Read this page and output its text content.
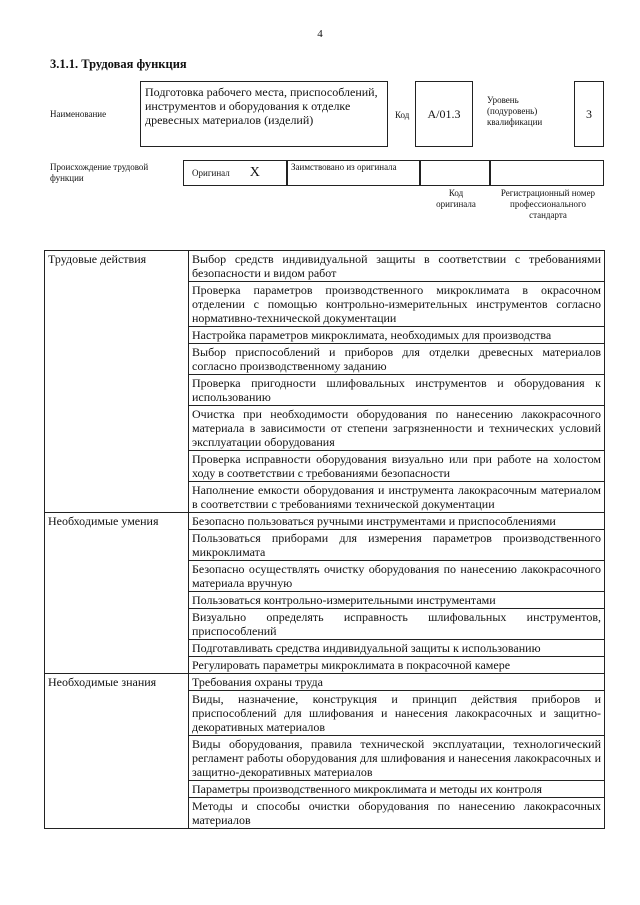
4
3.1.1. Трудовая функция
Наименование
Подготовка рабочего места, приспособлений, инструментов и оборудования к отделке древесных материалов (изделий)	Код А/01.3
Уровень (подуровень) квалификации
3
Происхождение трудовой функции
Оригинал X	Заимствовано из оригинала
Код оригинала
Регистрационный номер профессионального стандарта
Трудовые действия	Выбор средств индивидуальной защиты в соответствии с требованиями безопасности и видом работ
	Проверка параметров производственного микроклимата в окрасочном отделении с помощью контрольно-измерительных инструментов согласно нормативно-технической документации
	Настройка параметров микроклимата, необходимых для производства
	Выбор приспособлений и приборов для отделки древесных материалов согласно производственному заданию
	Проверка пригодности шлифовальных инструментов и оборудования к использованию
	Очистка при необходимости оборудования по нанесению лакокрасочного материала в зависимости от степени загрязненности и технических условий эксплуатации оборудования
	Проверка исправности оборудования визуально или при работе на холостом ходу в соответствии с требованиями безопасности
	Наполнение емкости оборудования и инструмента лакокрасочным материалом в соответствии с требованиями технической документации
Необходимые умения	Безопасно пользоваться ручными инструментами и приспособлениями
	Пользоваться приборами для измерения параметров производственного микроклимата
	Безопасно осуществлять очистку оборудования по нанесению лакокрасочного материала вручную
	Пользоваться контрольно-измерительными инструментами
	Визуально определять исправность шлифовальных инструментов, приспособлений
	Подготавливать средства индивидуальной защиты к использованию
	Регулировать параметры микроклимата в покрасочной камере
Необходимые знания	Требования охраны труда
	Виды, назначение, конструкция и принцип действия приборов и приспособлений для шлифования и нанесения лакокрасочных и защитно-декоративных материалов
	Виды оборудования, правила технической эксплуатации, технологический регламент работы оборудования для шлифования и нанесения лакокрасочных и защитно-декоративных материалов
	Параметры производственного микроклимата и методы их контроля
	Методы и способы очистки оборудования по нанесению лакокрасочных материалов
